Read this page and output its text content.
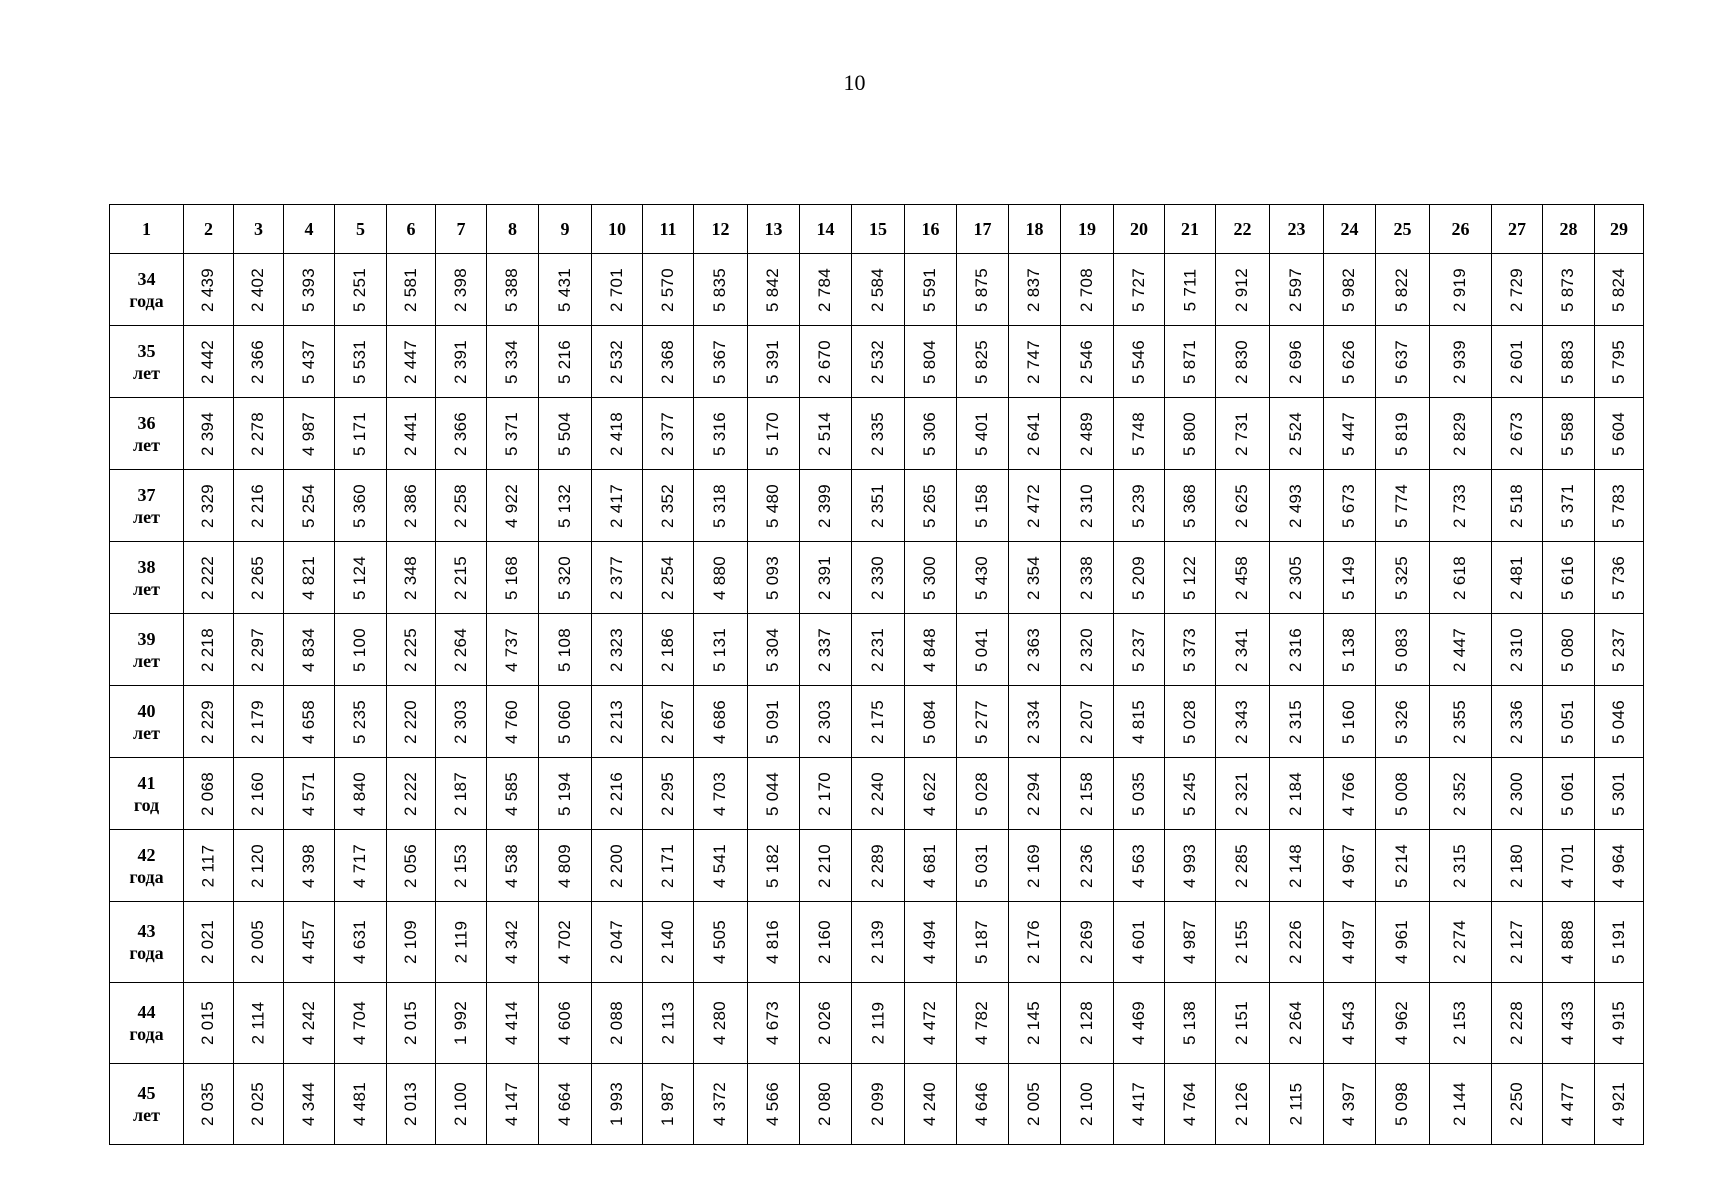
10
1	2	3	4	5	6	7	8	9	10	11	12	13	14	15	16	17	18	19	20	21	22	23	24	25	26	27	28	29

34
года	2 439	2 402	5 393	5 251	2 581	2 398	5 388	5 431	2 701	2 570	5 835	5 842	2 784	2 584	5 591	5 875	2 837	2 708	5 727	5 711	2 912	2 597	5 982	5 822	2 919	2 729	5 873	5 824

35
лет	2 442	2 366	5 437	5 531	2 447	2 391	5 334	5 216	2 532	2 368	5 367	5 391	2 670	2 532	5 804	5 825	2 747	2 546	5 546	5 871	2 830	2 696	5 626	5 637	2 939	2 601	5 883	5 795

36
лет	2 394	2 278	4 987	5 171	2 441	2 366	5 371	5 504	2 418	2 377	5 316	5 170	2 514	2 335	5 306	5 401	2 641	2 489	5 748	5 800	2 731	2 524	5 447	5 819	2 829	2 673	5 588	5 604

37
лет	2 329	2 216	5 254	5 360	2 386	2 258	4 922	5 132	2 417	2 352	5 318	5 480	2 399	2 351	5 265	5 158	2 472	2 310	5 239	5 368	2 625	2 493	5 673	5 774	2 733	2 518	5 371	5 783

38
лет	2 222	2 265	4 821	5 124	2 348	2 215	5 168	5 320	2 377	2 254	4 880	5 093	2 391	2 330	5 300	5 430	2 354	2 338	5 209	5 122	2 458	2 305	5 149	5 325	2 618	2 481	5 616	5 736

39
лет	2 218	2 297	4 834	5 100	2 225	2 264	4 737	5 108	2 323	2 186	5 131	5 304	2 337	2 231	4 848	5 041	2 363	2 320	5 237	5 373	2 341	2 316	5 138	5 083	2 447	2 310	5 080	5 237

40
лет	2 229	2 179	4 658	5 235	2 220	2 303	4 760	5 060	2 213	2 267	4 686	5 091	2 303	2 175	5 084	5 277	2 334	2 207	4 815	5 028	2 343	2 315	5 160	5 326	2 355	2 336	5 051	5 046

41
год	2 068	2 160	4 571	4 840	2 222	2 187	4 585	5 194	2 216	2 295	4 703	5 044	2 170	2 240	4 622	5 028	2 294	2 158	5 035	5 245	2 321	2 184	4 766	5 008	2 352	2 300	5 061	5 301

42
года	2 117	2 120	4 398	4 717	2 056	2 153	4 538	4 809	2 200	2 171	4 541	5 182	2 210	2 289	4 681	5 031	2 169	2 236	4 563	4 993	2 285	2 148	4 967	5 214	2 315	2 180	4 701	4 964

43
года	2 021	2 005	4 457	4 631	2 109	2 119	4 342	4 702	2 047	2 140	4 505	4 816	2 160	2 139	4 494	5 187	2 176	2 269	4 601	4 987	2 155	2 226	4 497	4 961	2 274	2 127	4 888	5 191

44
года	2 015	2 114	4 242	4 704	2 015	1 992	4 414	4 606	2 088	2 113	4 280	4 673	2 026	2 119	4 472	4 782	2 145	2 128	4 469	5 138	2 151	2 264	4 543	4 962	2 153	2 228	4 433	4 915

45
лет	2 035	2 025	4 344	4 481	2 013	2 100	4 147	4 664	1 993	1 987	4 372	4 566	2 080	2 099	4 240	4 646	2 005	2 100	4 417	4 764	2 126	2 115	4 397	5 098	2 144	2 250	4 477	4 921
